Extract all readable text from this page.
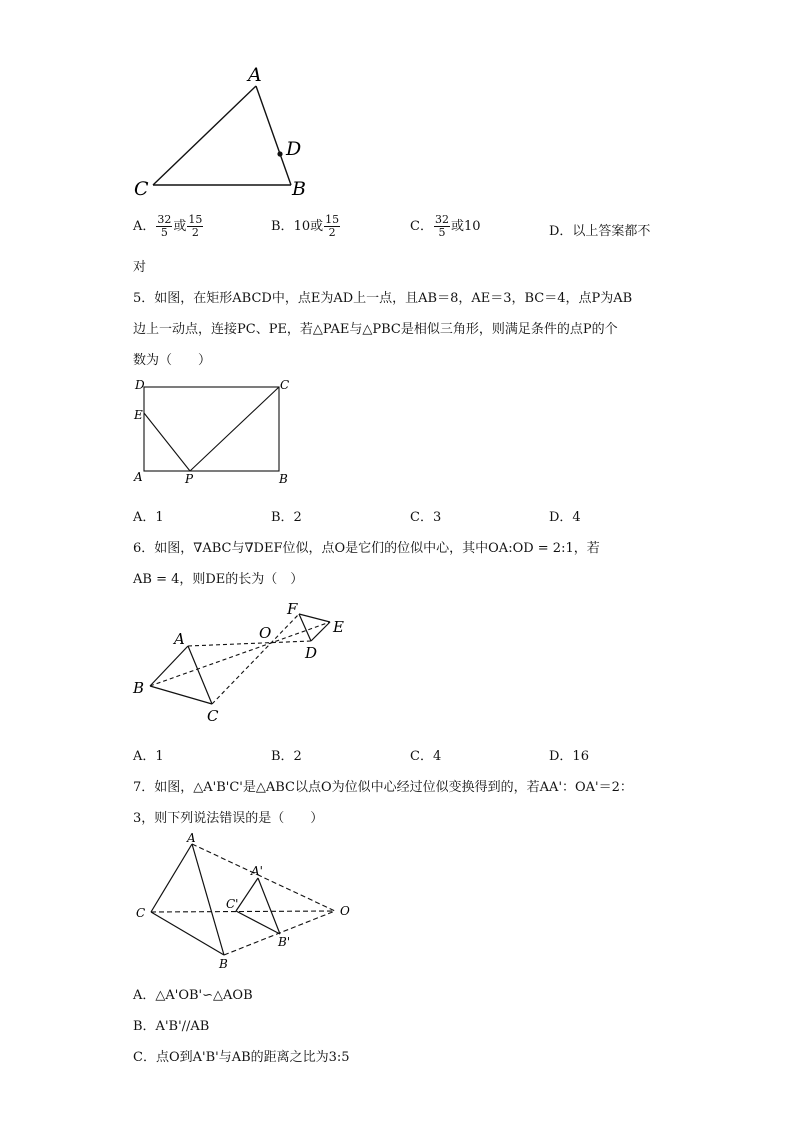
A
C	B
D
A． $\frac{32}{5}$ 或 $\frac{15}{2}$	B．10或 $\frac{15}{2}$	C． $\frac{32}{5}$ 或10	D．以上答案都不
对
5．如图，在矩形ABCD中，点E为AD上一点，且AB＝8，AE＝3，BC＝4，点P为AB
边上一动点，连接PC、PE，若△PAE与△PBC是相似三角形，则满足条件的点P的个
数为（　　）
D	C
E
A	P	B
A．1	B．2	C．3	D．4
6．如图，∇ABC与∇DEF位似，点O是它们的位似中心，其中OA:OD = 2:1，若
AB = 4，则DE的长为（　）
A
B
C
O
F
E
D
A．1	B．2	C．4	D．16
7．如图，△A'B'C'是△ABC以点O为位似中心经过位似变换得到的，若AA'：OA'＝2：
3，则下列说法错误的是（　　）
A
C
B
A'
C'
B'
O
A．△A'OB'∽△AOB
B．A'B'//AB
C．点O到A'B'与AB的距离之比为3:5
